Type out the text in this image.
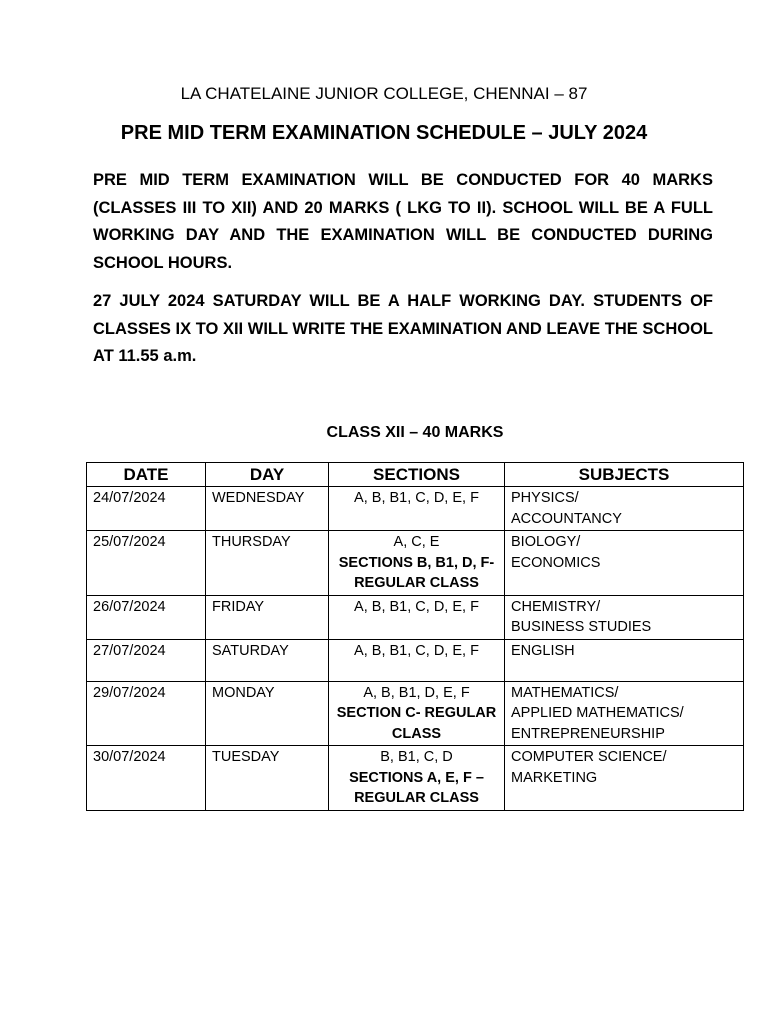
LA CHATELAINE JUNIOR COLLEGE, CHENNAI – 87
PRE MID TERM EXAMINATION SCHEDULE – JULY 2024

PRE MID TERM EXAMINATION WILL BE CONDUCTED FOR 40 MARKS (CLASSES III TO XII) AND 20 MARKS ( LKG TO II). SCHOOL WILL BE A FULL WORKING DAY AND THE EXAMINATION WILL BE CONDUCTED DURING SCHOOL HOURS.

27 JULY 2024 SATURDAY WILL BE A HALF WORKING DAY. STUDENTS OF CLASSES IX TO XII WILL WRITE THE EXAMINATION AND LEAVE THE SCHOOL AT 11.55 a.m.

CLASS XII – 40 MARKS
DATE	DAY	SECTIONS	SUBJECTS
24/07/2024	WEDNESDAY	A, B, B1, C, D, E, F	PHYSICS/
ACCOUNTANCY

25/07/2024	THURSDAY	A, C, E
SECTIONS B, B1, D, F- REGULAR CLASS	BIOLOGY/
ECONOMICS

26/07/2024	FRIDAY	A, B, B1, C, D, E, F	CHEMISTRY/
BUSINESS STUDIES

27/07/2024	SATURDAY	A, B, B1, C, D, E, F	ENGLISH

29/07/2024	MONDAY	A, B, B1, D, E, F
SECTION C- REGULAR CLASS	MATHEMATICS/
APPLIED MATHEMATICS/
ENTREPRENEURSHIP

30/07/2024	TUESDAY	B, B1, C, D
SECTIONS A, E, F – REGULAR CLASS	COMPUTER SCIENCE/
MARKETING
